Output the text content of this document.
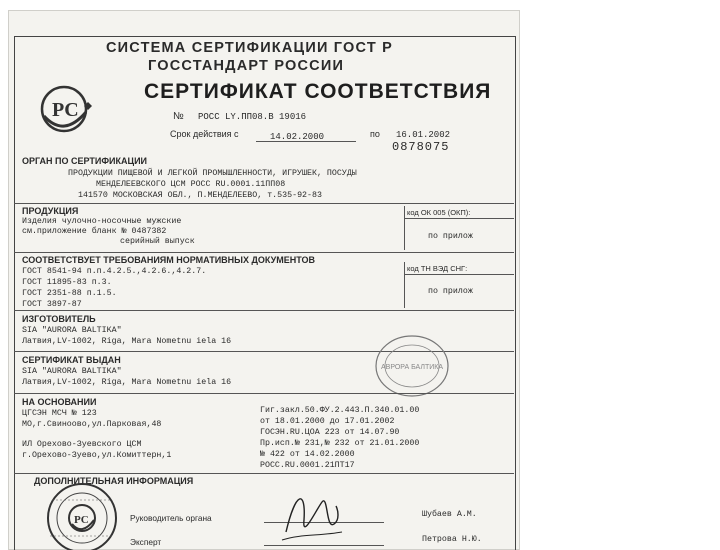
СИСТЕМА СЕРТИФИКАЦИИ ГОСТ Р
ГОССТАНДАРТ РОССИИ
PC
СЕРТИФИКАТ СООТВЕТСТВИЯ
№ РОСС LY.ПП08.В 19016
Срок действия с	14.02.2000	по 16.01.2002
0878075
ОРГАН ПО СЕРТИФИКАЦИИ
ПРОДУКЦИИ ПИЩЕВОЙ И ЛЕГКОЙ ПРОМЫШЛЕННОСТИ, ИГРУШЕК, ПОСУДЫ
МЕНДЕЛЕЕВСКОГО ЦСМ РОСС RU.0001.11ПП08
141570 МОСКОВСКАЯ ОБЛ., П.МЕНДЕЛЕЕВО, т.535-92-83
ПРОДУКЦИЯ
Изделия чулочно-носочные мужские
см.приложение бланк № 0487382
серийный выпуск
код ОК 005 (ОКП):
по прилож
СООТВЕТСТВУЕТ ТРЕБОВАНИЯМ НОРМАТИВНЫХ ДОКУМЕНТОВ
ГОСТ 8541-94 п.п.4.2.5.,4.2.6.,4.2.7.
ГОСТ 11895-83 п.3.
ГОСТ 2351-88 п.1.5.
ГОСТ 3897-87
код ТН ВЭД СНГ:
по прилож
ИЗГОТОВИТЕЛЬ
SIA "AURORA BALTIKA"
Латвия,LV-1002, Riga, Mara Nometnu iela 16
СЕРТИФИКАТ ВЫДАН
SIA "AURORA BALTIKA"
Латвия,LV-1002, Riga, Mara Nometnu iela 16
АВРОРА БАЛТИКА
НА ОСНОВАНИИ
ЦГСЭН МСЧ № 123
МО,г.Свиноово,ул.Парковая,48
ИЛ Орехово-Зуевского ЦСМ
г.Орехово-Зуево,ул.Комиттерн,1
Гиг.закл.50.ФУ.2.443.П.340.01.00
от 18.01.2000 до 17.01.2002
ГОСЭН.RU.ЦОА 223 от 14.07.90
Пр.исп.№ 231,№ 232 от 21.01.2000
№ 422 от 14.02.2000
РОСС.RU.0001.21ПТ17
ДОПОЛНИТЕЛЬНАЯ ИНФОРМАЦИЯ
PC	Руководитель органа	Шубаев А.М.
Эксперт	Петрова Н.Ю.
